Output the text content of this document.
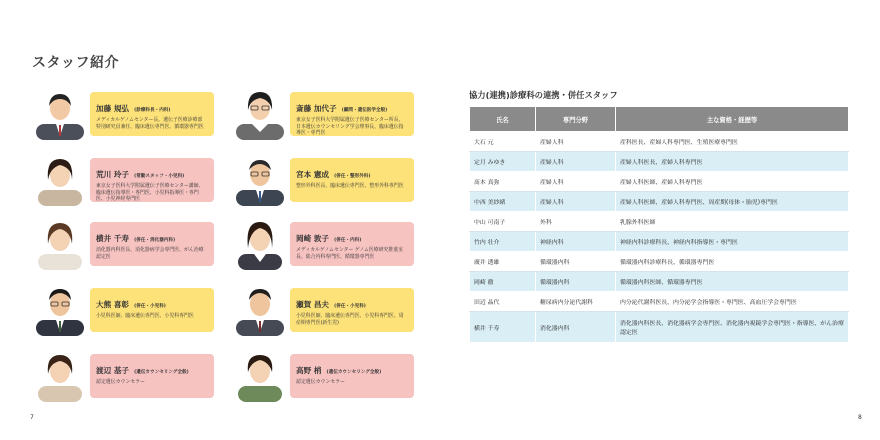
スタッフ紹介
加藤 規弘 (診療科長・内科)
メディカルゲノムセンター長、遺伝子医療診療部 特別研究員兼任、臨床遺伝専門医、循環器専門医
斎藤 加代子 (顧問・遺伝医学全般)
東京女子医科大学附属遺伝子医療センター所長、日本遺伝カウンセリング学会理事長、臨床遺伝指導医・専門医
荒川 玲子 (常勤スタッフ・小児科)
東京女子医科大学附属遺伝子医療センター講師、臨床遺伝指導医・専門医、小児科指導医・専門医、小児神経専門医
宮本 憲成 (併任・整形外科)
整形外科医長、臨床遺伝専門医、整形外科専門医
横井 千寿 (併任・消化器内科)
消化器内科医長、消化器病学会専門医、がん治療認定医
岡崎 敦子 (併任・内科)
メディカルゲノムセンター ゲノム医療研究推進室長、総合内科専門医、循環器専門医
大熊 喜彰 (併任・小児科)
小児科医師、臨床遺伝専門医、小児科専門医
瀬賀 昌夫 (併任・小児科)
小児科医師、臨床遺伝専門医、小児科専門医、周産期専門医(新生児)
渡辺 基子 (遺伝カウンセリング全般)
認定遺伝カウンセラー
高野 梢 (遺伝カウンセリング全般)
認定遺伝カウンセラー
7
協力(連携)診療科の連携・併任スタッフ
氏名	専門分野	主な資格・経歴等
大石 元	産婦人科	産科医長、産婦人科専門医、生殖医療専門医
定月 みゆき	産婦人科	産婦人科医長、産婦人科専門医
髙本 真弥	産婦人科	産婦人科医師、産婦人科専門医
中西 美紗緒	産婦人科	産婦人科医師、産婦人科専門医、周産期(母体・胎児)専門医
中山 可南子	外科	乳腺外科医師
竹内 壮介	神経内科	神経内科診療科長、神経内科指導医・専門医
廣井 透雄	循環器内科	循環器内科診療科長、循環器専門医
岡崎 徹	循環器内科	循環器内科医師、循環器専門医
田辺 晶代	糖尿病内分泌代謝科	内分泌代謝科医長、内分泌学会指導医・専門医、高血圧学会専門医
横井 千寿	消化器内科	消化器内科医長、消化器病学会専門医、消化器内視鏡学会専門医・指導医、がん治療認定医
8
